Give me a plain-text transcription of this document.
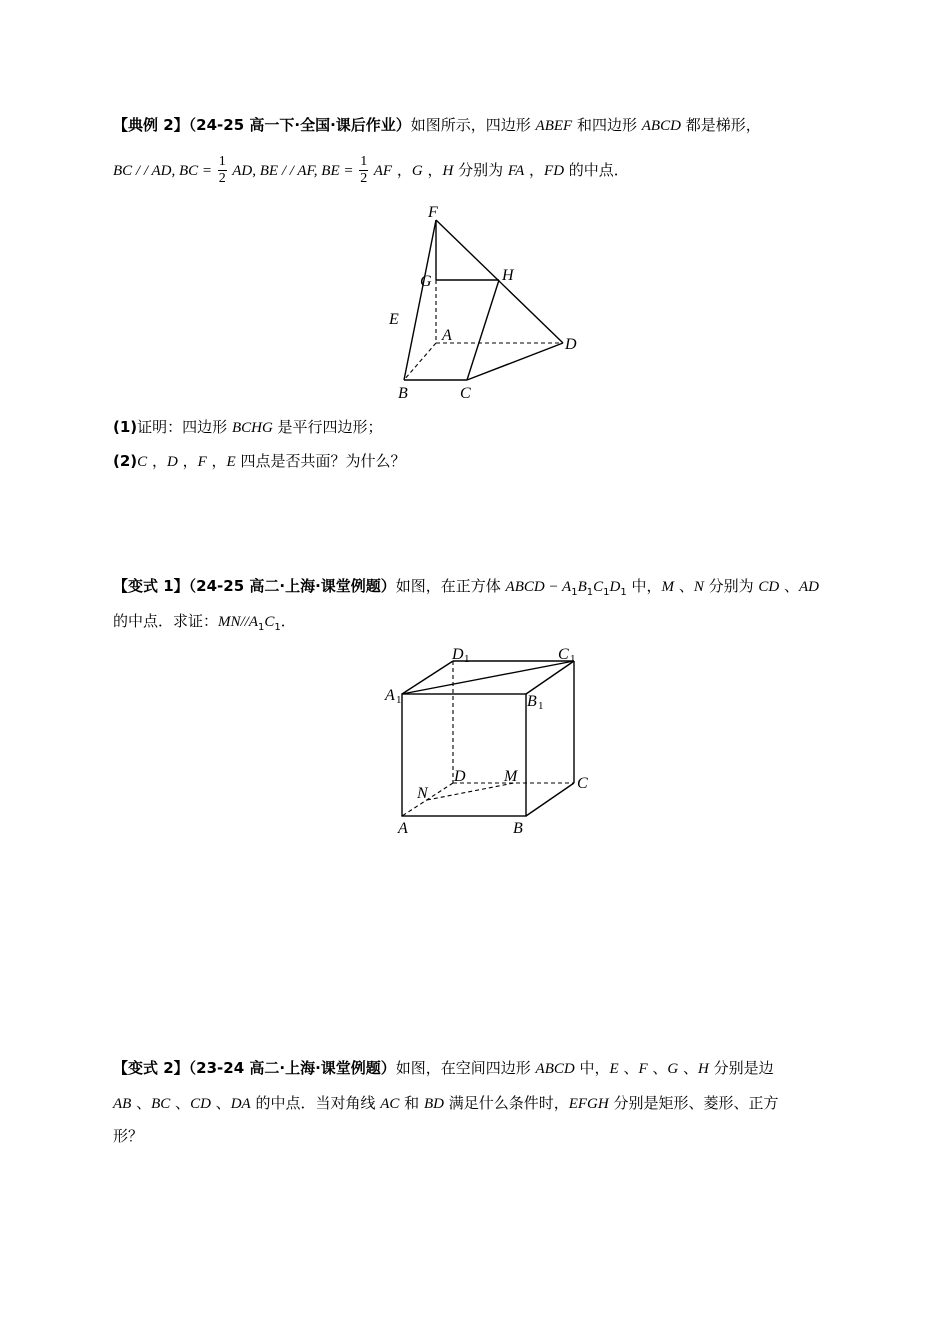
【典例 2】（24-25 高一下·全国·课后作业）如图所示，四边形 ABEF 和四边形 ABCD 都是梯形，
BC / / AD, BC = $\frac{1}{2}$ AD, BE / / AF, BE = $\frac{1}{2}$ AF ，G ，H 分别为 FA ，FD 的中点．
F
G	H
E
A
D
B	C
(1)证明：四边形 BCHG 是平行四边形；
(2)C ，D ，F ，E 四点是否共面？为什么？
【变式 1】（24-25 高二·上海·课堂例题）如图，在正方体 ABCD − $A_1B_1C_1D_1$ 中，M 、N 分别为 CD 、AD
的中点．求证：$MN//A_1C_1$．
D 1	C 1
A 1	B 1
D M	C
N
A	B
【变式 2】（23-24 高二·上海·课堂例题）如图，在空间四边形 ABCD 中，E 、F 、G 、H 分别是边
AB 、BC 、CD 、DA 的中点．当对角线 AC 和 BD 满足什么条件时，EFGH 分别是矩形、菱形、正方
形？
